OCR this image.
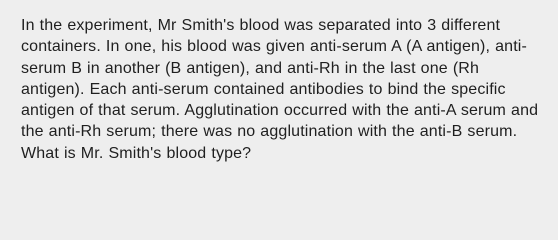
In the experiment, Mr Smith's blood was separated into 3 different containers. In one, his blood was given anti-serum A (A antigen), anti-serum B in another (B antigen), and anti-Rh in the last one (Rh antigen). Each anti-serum contained antibodies to bind the specific antigen of that serum. Agglutination occurred with the anti-A serum and the anti-Rh serum; there was no agglutination with the anti-B serum. What is Mr. Smith's blood type?
